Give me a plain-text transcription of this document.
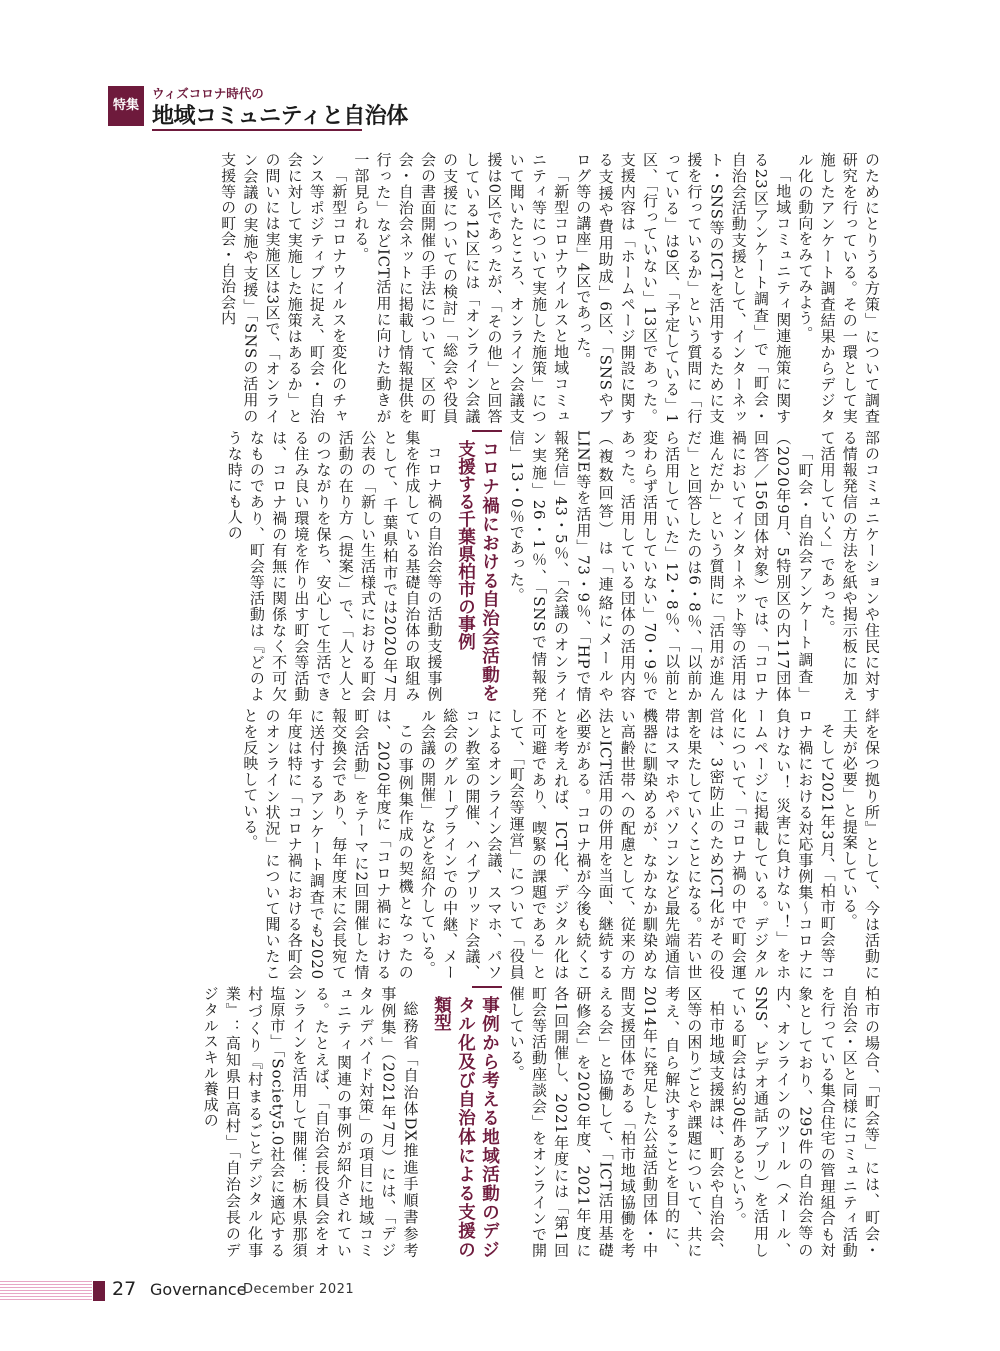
特集
ウィズコロナ時代の
地域コミュニティと自治体

のためにとりうる方策」について調査研究を行っている。その一環として実施したアンケート調査結果からデジタル化の動向をみてみよう。

「地域コミュニティ関連施策に関する23区アンケート調査」で「町会・自治会活動支援として、インターネット・SNS等のICTを活用するために支援を行っているか」という質問に「行っている」は9区、「予定している」1区、「行っていない」13区であった。支援内容は「ホームページ開設に関する支援や費用助成」6区、「SNSやブログ等の講座」4区であった。

「新型コロナウイルスと地域コミュニティ等について実施した施策」について聞いたところ、オンライン会議支援は0区であったが、「その他」と回答している12区には「オンライン会議の支援についての検討」「総会や役員会の書面開催の手法について、区の町会・自治会ネットに掲載し情報提供を行った」などICT活用に向けた動きが一部見られる。

「新型コロナウイルスを変化のチャンス等ポジティブに捉え、町会・自治会に対して実施した施策はあるか」との問いには実施区は3区で、「オンライン会議の実施や支援」「SNSの活用の支援等の町会・自治会内

部のコミュニケーションや住民に対する情報発信の方法を紙や掲示板に加えて活用していく」であった。

「町会・自治会アンケート調査」（2020年9月、5特別区の内117団体回答／156団体対象）では、「コロナ禍においてインターネット等の活用は進んだか」という質問に「活用が進んだ」と回答したのは6・8％、「以前から活用していた」12・8％、「以前と変わらず活用していない」70・9％であった。活用している団体の活用内容（複数回答）は「連絡にメールやLINE等を活用」73・9％、「HPで情報発信」43・5％、「会議のオンライン実施」26・1％、「SNSで情報発信」13・0％であった。

コロナ禍における自治会活動を支援する千葉県柏市の事例

コロナ禍の自治会等の活動支援事例集を作成している基礎自治体の取組みとして、千葉県柏市では2020年7月公表の「新しい生活様式における町会活動の在り方（提案）」で、「人と人とのつながりを保ち、安心して生活できる住み良い環境を作り出す町会等活動は、コロナ禍の有無に関係なく不可欠なものであり、町会等活動は『どのような時にも人の

絆を保つ拠り所』として、今は活動に工夫が必要」と提案している。

そして2021年3月、「柏市町会等コロナ禍における対応事例集〜コロナに負けない！ 災害に負けない！」をホームページに掲載している。デジタル化について、「コロナ禍の中で町会運営は、3密防止のためICT化がその役割を果たしていくことになる。若い世帯はスマホやパソコンなど最先端通信機器に馴染めるが、なかなか馴染めない高齢世帯への配慮として、従来の方法とICT活用の併用を当面、継続する必要がある。コロナ禍が今後も続くことを考えれば、ICT化、デジタル化は不可避であり、喫緊の課題である」として、「町会等運営」について「役員によるオンライン会議、スマホ、パソコン教室の開催、ハイブリッド会議、総会のグループラインでの中継、メール会議の開催」などを紹介している。

この事例集作成の契機となったのは、2020年度に「コロナ禍における町会活動」をテーマに2回開催した情報交換会であり、毎年度末に会長宛てに送付するアンケート調査でも2020年度は特に「コロナ禍における各町会のオンライン状況」について聞いたことを反映している。

柏市の場合、「町会等」には、町会・自治会・区と同様にコミュニティ活動を行っている集合住宅の管理組合も対象としており、295件の自治会等の内、オンラインのツール（メール、SNS、ビデオ通話アプリ）を活用している町会は約30件あるという。

柏市地域支援課は、町会や自治会、区等の困りごとや課題について、共に考え、自ら解決することを目的に、2014年に発足した公益活動団体・中間支援団体である「柏市地域協働を考える会」と協働して、「ICT活用基礎研修会」を2020年度、2021年度に各1回開催し、2021年度には「第1回町会等活動座談会」をオンラインで開催している。

事例から考える地域活動のデジタル化及び自治体による支援の類型

総務省「自治体DX推進手順書参考事例集」（2021年7月）には、「デジタルデバイド対策」の項目に地域コミュニティ関連の事例が紹介されている。たとえば、「自治会長役員会をオンラインを活用して開催：栃木県那須塩原市」「Society5.0社会に適応する村づくり『村まるごとデジタル化事業』：高知県日高村」「自治会長のデジタルスキル養成の

27 Governance
December 2021
